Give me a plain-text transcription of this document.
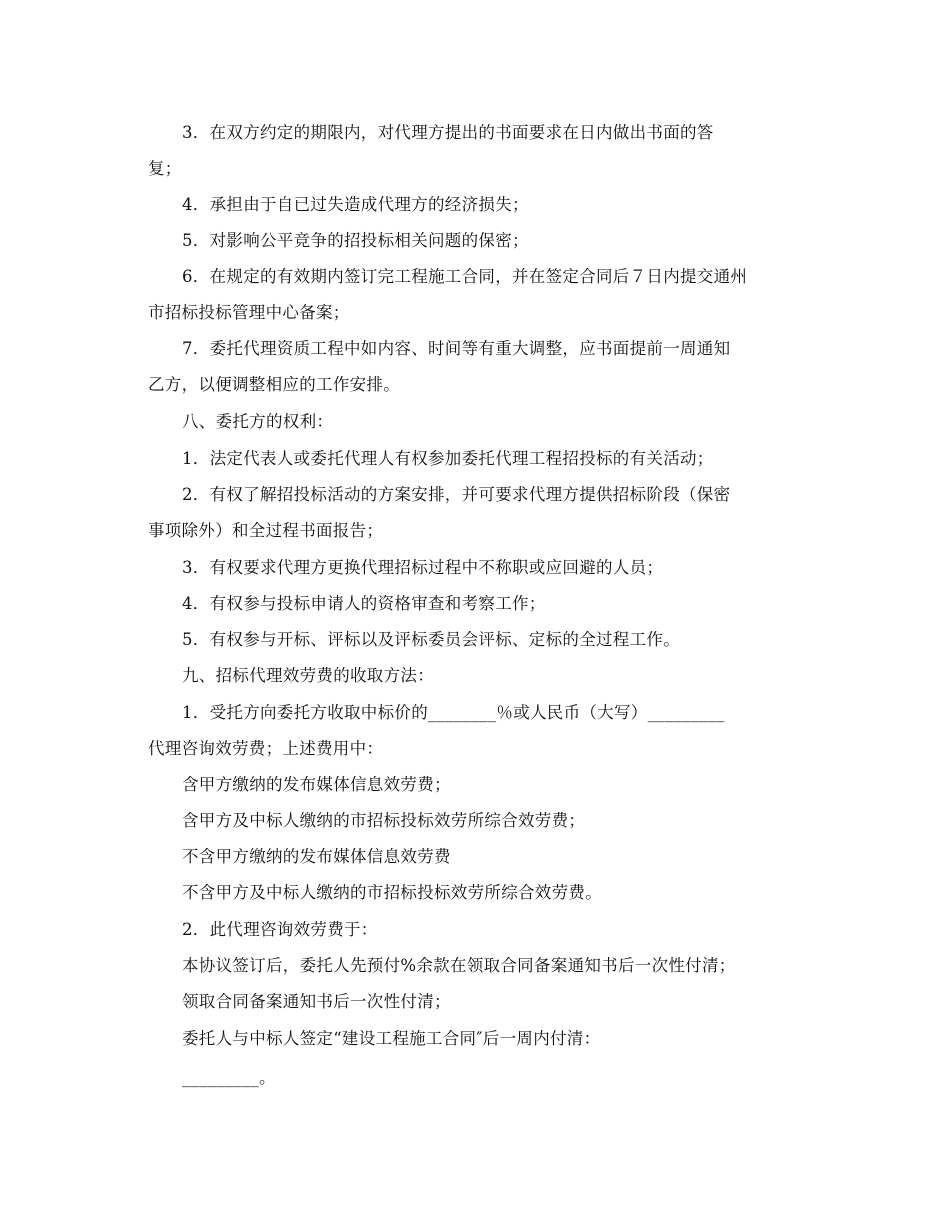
3．在双方约定的期限内，对代理方提出的书面要求在日内做出书面的答

复；

4．承担由于自已过失造成代理方的经济损失；

5．对影响公平竞争的招投标相关问题的保密；

6．在规定的有效期内签订完工程施工合同，并在签定合同后７日内提交通州

市招标投标管理中心备案；

7．委托代理资质工程中如内容、时间等有重大调整，应书面提前一周通知

乙方，以便调整相应的工作安排。

八、委托方的权利：

1．法定代表人或委托代理人有权参加委托代理工程招投标的有关活动；

2．有权了解招投标活动的方案安排，并可要求代理方提供招标阶段（保密

事项除外）和全过程书面报告；

3．有权要求代理方更换代理招标过程中不称职或应回避的人员；

4．有权参与投标申请人的资格审查和考察工作；

5．有权参与开标、评标以及评标委员会评标、定标的全过程工作。

九、招标代理效劳费的收取方法：

1．受托方向委托方收取中标价的________％或人民币（大写）_________

代理咨询效劳费；上述费用中：

含甲方缴纳的发布媒体信息效劳费；

含甲方及中标人缴纳的市招标投标效劳所综合效劳费；

不含甲方缴纳的发布媒体信息效劳费

不含甲方及中标人缴纳的市招标投标效劳所综合效劳费。

2．此代理咨询效劳费于：

本协议签订后，委托人先预付%余款在领取合同备案通知书后一次性付清；

领取合同备案通知书后一次性付清；

委托人与中标人签定“建设工程施工合同″后一周内付清：

_________。
